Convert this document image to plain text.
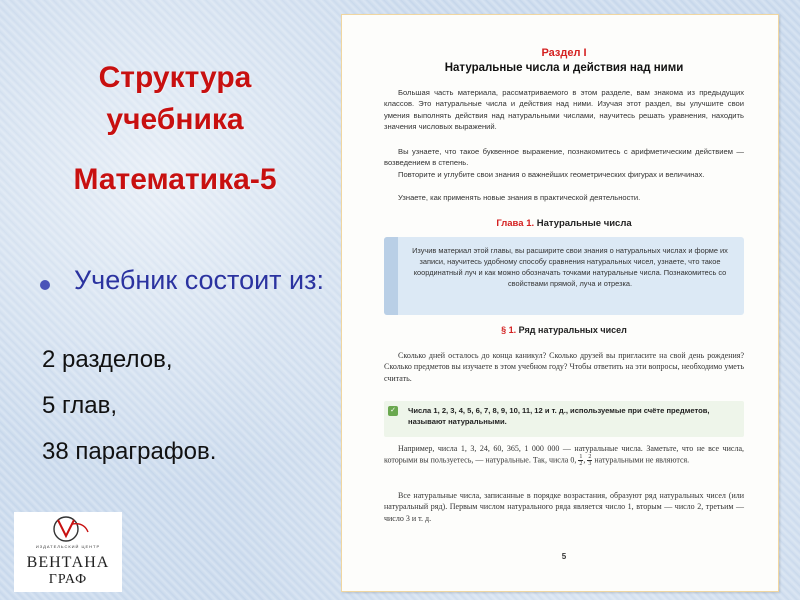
Структура
учебника
Математика-5
Учебник состоит из:
2 разделов,
5 глав,
38 параграфов.
ИЗДАТЕЛЬСКИЙ ЦЕНТР
ВЕНТАНА
ГРАФ
Раздел I
Натуральные числа и действия над ними
Большая часть материала, рассматриваемого в этом разделе, вам знакома из предыдущих классов. Это натуральные числа и действия над ними. Изучая этот раздел, вы улучшите свои умения выполнять действия над натуральными числами, научитесь решать уравнения, находить значения числовых выражений.
Вы узнаете, что такое буквенное выражение, познакомитесь с арифметическим действием — возведением в степень.
Повторите и углубите свои знания о важнейших геометрических фигурах и величинах.
Узнаете, как применять новые знания в практической деятельности.
Глава 1. Натуральные числа
Изучив материал этой главы, вы расширите свои знания о натуральных числах и форме их записи, научитесь удобному способу сравнения натуральных чисел, узнаете, что такое координатный луч и как можно обозначать точками натуральные числа. Познакомитесь со свойствами прямой, луча и отрезка.
§ 1. Ряд натуральных чисел
Сколько дней осталось до конца каникул? Сколько друзей вы пригласите на свой день рождения? Сколько предметов вы изучаете в этом учебном году? Чтобы ответить на эти вопросы, необходимо уметь считать.
✓ Числа 1, 2, 3, 4, 5, 6, 7, 8, 9, 10, 11, 12 и т. д., используемые при счёте предметов, называют натуральными.
Например, числа 1, 3, 24, 60, 365, 1 000 000 — натуральные числа. Заметьте, что не все числа, которыми вы пользуетесь, — натуральные. Так, числа 0, $\frac{1}{2}$ , $\frac{2}{3}$ натуральными не являются.
Все натуральные числа, записанные в порядке возрастания, образуют ряд натуральных чисел (или натуральный ряд). Первым числом натурального ряда является число 1, вторым — число 2, третьим — число 3 и т. д.
5
